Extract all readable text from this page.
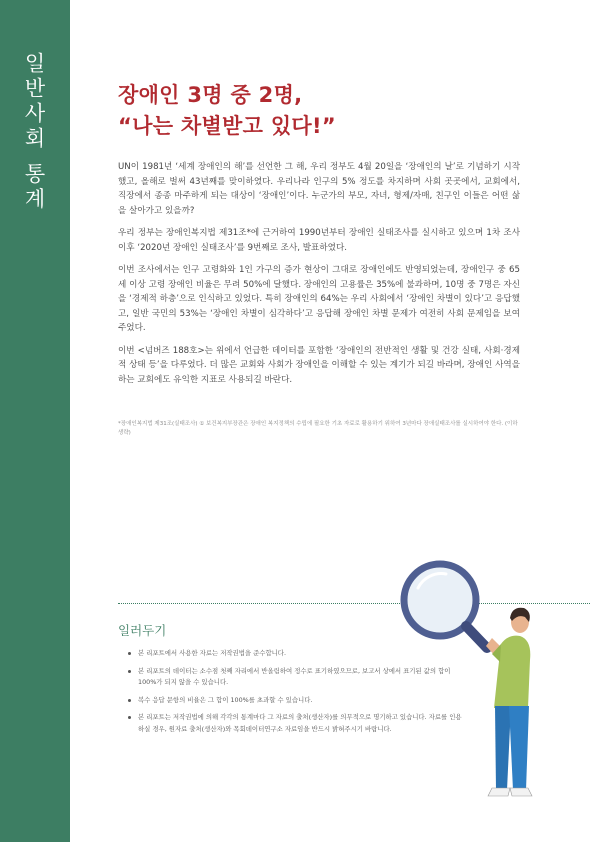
일반사회 통계	장애인 3명 중 2명,
“나는 차별받고 있다!”

UN이 1981년 ‘세계 장애인의 해’를 선언한 그 해, 우리 정부도 4월 20일을 ‘장애인의 날’로 기념하기 시작했고, 올해로 벌써 43년째를 맞이하였다. 우리나라 인구의 5% 정도를 차지하며 사회 곳곳에서, 교회에서, 직장에서 종종 마주하게 되는 대상이 ‘장애인’이다. 누군가의 부모, 자녀, 형제/자매, 친구인 이들은 어떤 삶을 살아가고 있을까?

우리 정부는 장애인복지법 제31조*에 근거하여 1990년부터 장애인 실태조사를 실시하고 있으며 1차 조사 이후 ‘2020년 장애인 실태조사’를 9번째로 조사, 발표하였다.

이번 조사에서는 인구 고령화와 1인 가구의 증가 현상이 그대로 장애인에도 반영되었는데, 장애인구 중 65세 이상 고령 장애인 비율은 무려 50%에 달했다. 장애인의 고용률은 35%에 불과하며, 10명 중 7명은 자신을 ‘경제적 하층’으로 인식하고 있었다. 특히 장애인의 64%는 우리 사회에서 ‘장애인 차별이 있다’고 응답했고, 일반 국민의 53%는 ‘장애인 차별이 심각하다’고 응답해 장애인 차별 문제가 여전히 사회 문제임을 보여주었다.

이번 <넘버즈 188호>는 위에서 언급한 데이터를 포함한 ‘장애인의 전반적인 생활 및 건강 실태, 사회·경제적 상태 등’을 다루었다. 더 많은 교회와 사회가 장애인을 이해할 수 있는 계기가 되길 바라며, 장애인 사역을 하는 교회에도 유익한 지표로 사용되길 바란다.

*장애인복지법 제31조(실태조사) ① 보건복지부장관은 장애인 복지정책의 수립에 필요한 기초 자료로 활용하기 위하여 3년마다 장애실태조사를 실시하여야 한다. (이하 생략)

일러두기
본 리포트에서 사용한 자료는 저작권법을 준수합니다.
본 리포트의 데이터는 소수점 첫째 자리에서 반올림하여 정수로 표기하였으므로, 보고서 상에서 표기된 값의 합이 100%가 되지 않을 수 있습니다.
복수 응답 문항의 비율은 그 합이 100%를 초과할 수 있습니다.
본 리포트는 저작권법에 의해 각각의 통계마다 그 자료의 출처(생산자)를 의무적으로 명기하고 있습니다. 자료를 인용하실 경우, 원자료 출처(생산자)와 목회데이터연구소 자료임을 반드시 밝혀주시기 바랍니다.
